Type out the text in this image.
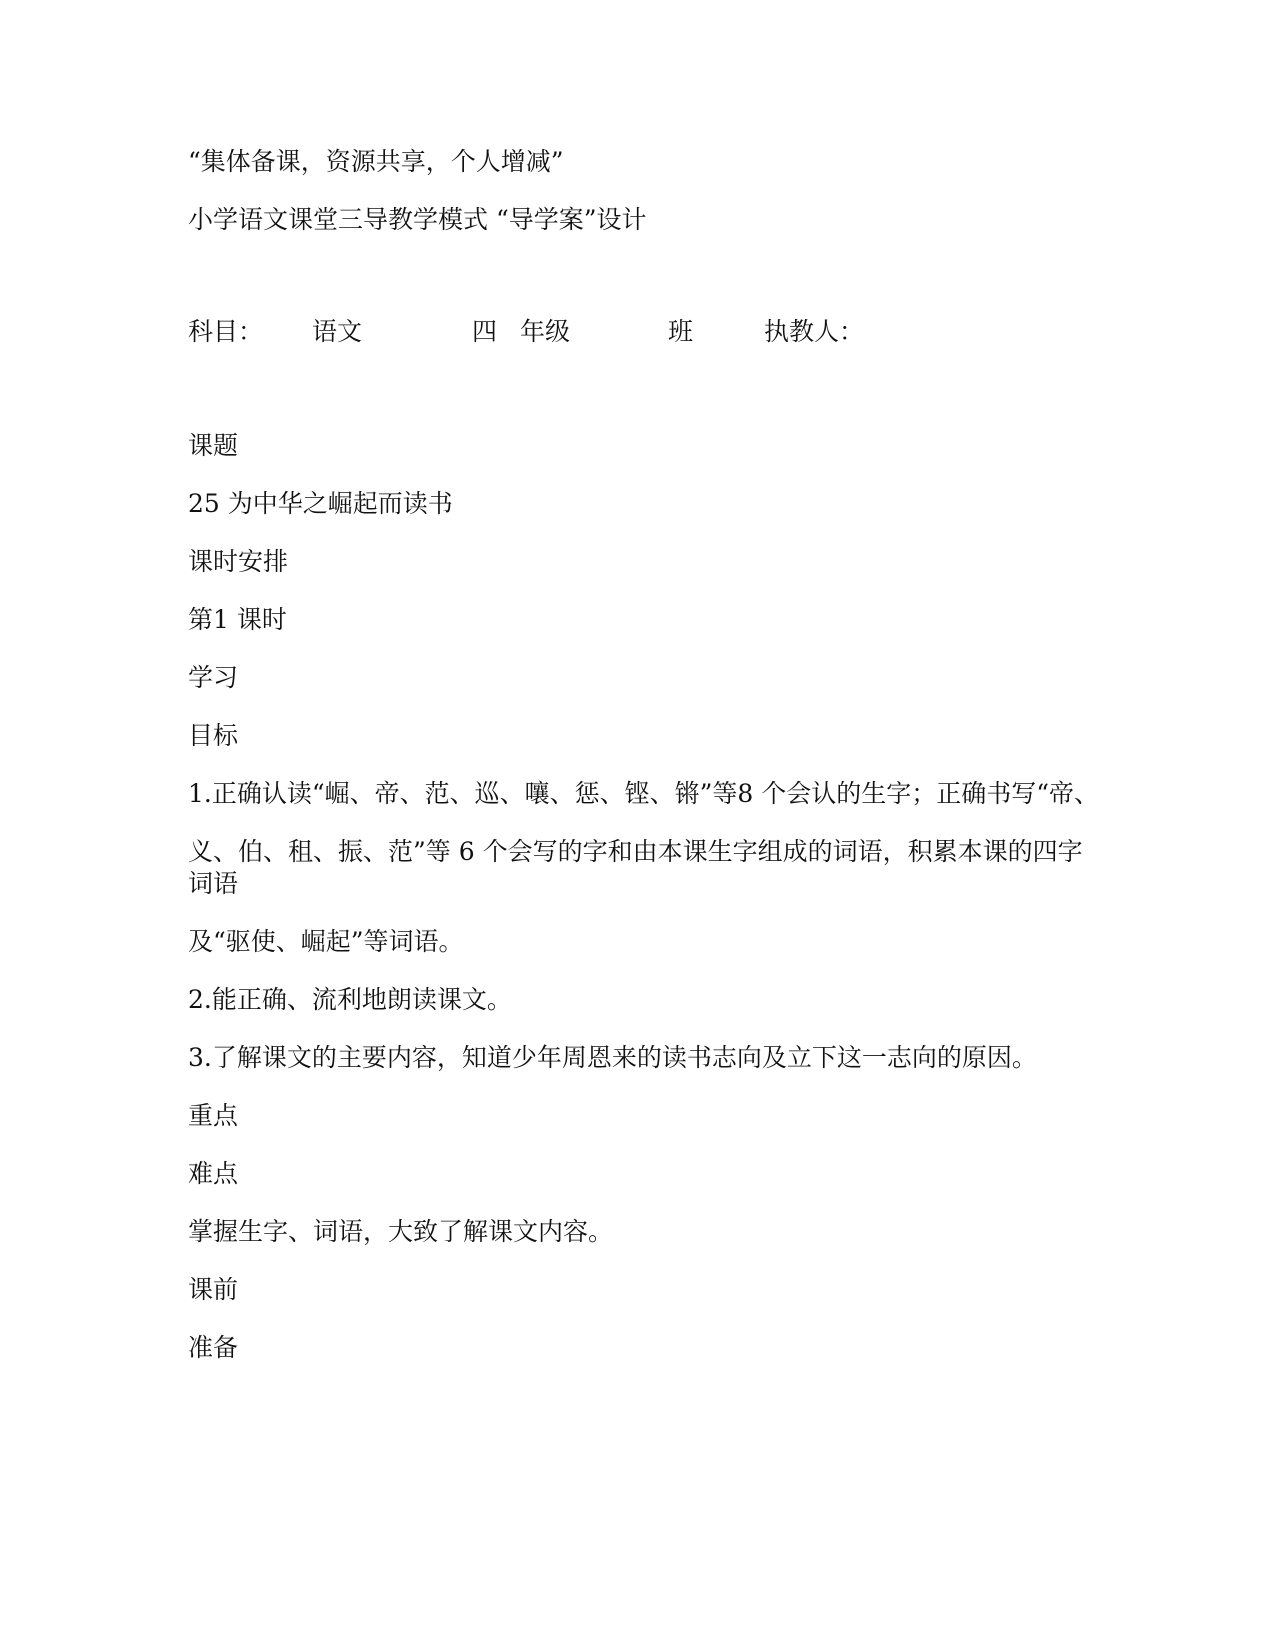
“集体备课，资源共享，个人增减”
小学语文课堂三导教学模式 “导学案”设计
科目： 语文	四 年级	班	执教人：
课题
25 为中华之崛起而读书
课时安排
第1 课时
学习
目标
1.正确认读“崛、帝、范、巡、嚷、惩、铿、锵”等8 个会认的生字；正确书写“帝、
义、伯、租、振、范”等 6 个会写的字和由本课生字组成的词语，积累本课的四字词语
及“驱使、崛起”等词语。
2.能正确、流利地朗读课文。
3.了解课文的主要内容，知道少年周恩来的读书志向及立下这一志向的原因。
重点
难点
掌握生字、词语，大致了解课文内容。
课前
准备
